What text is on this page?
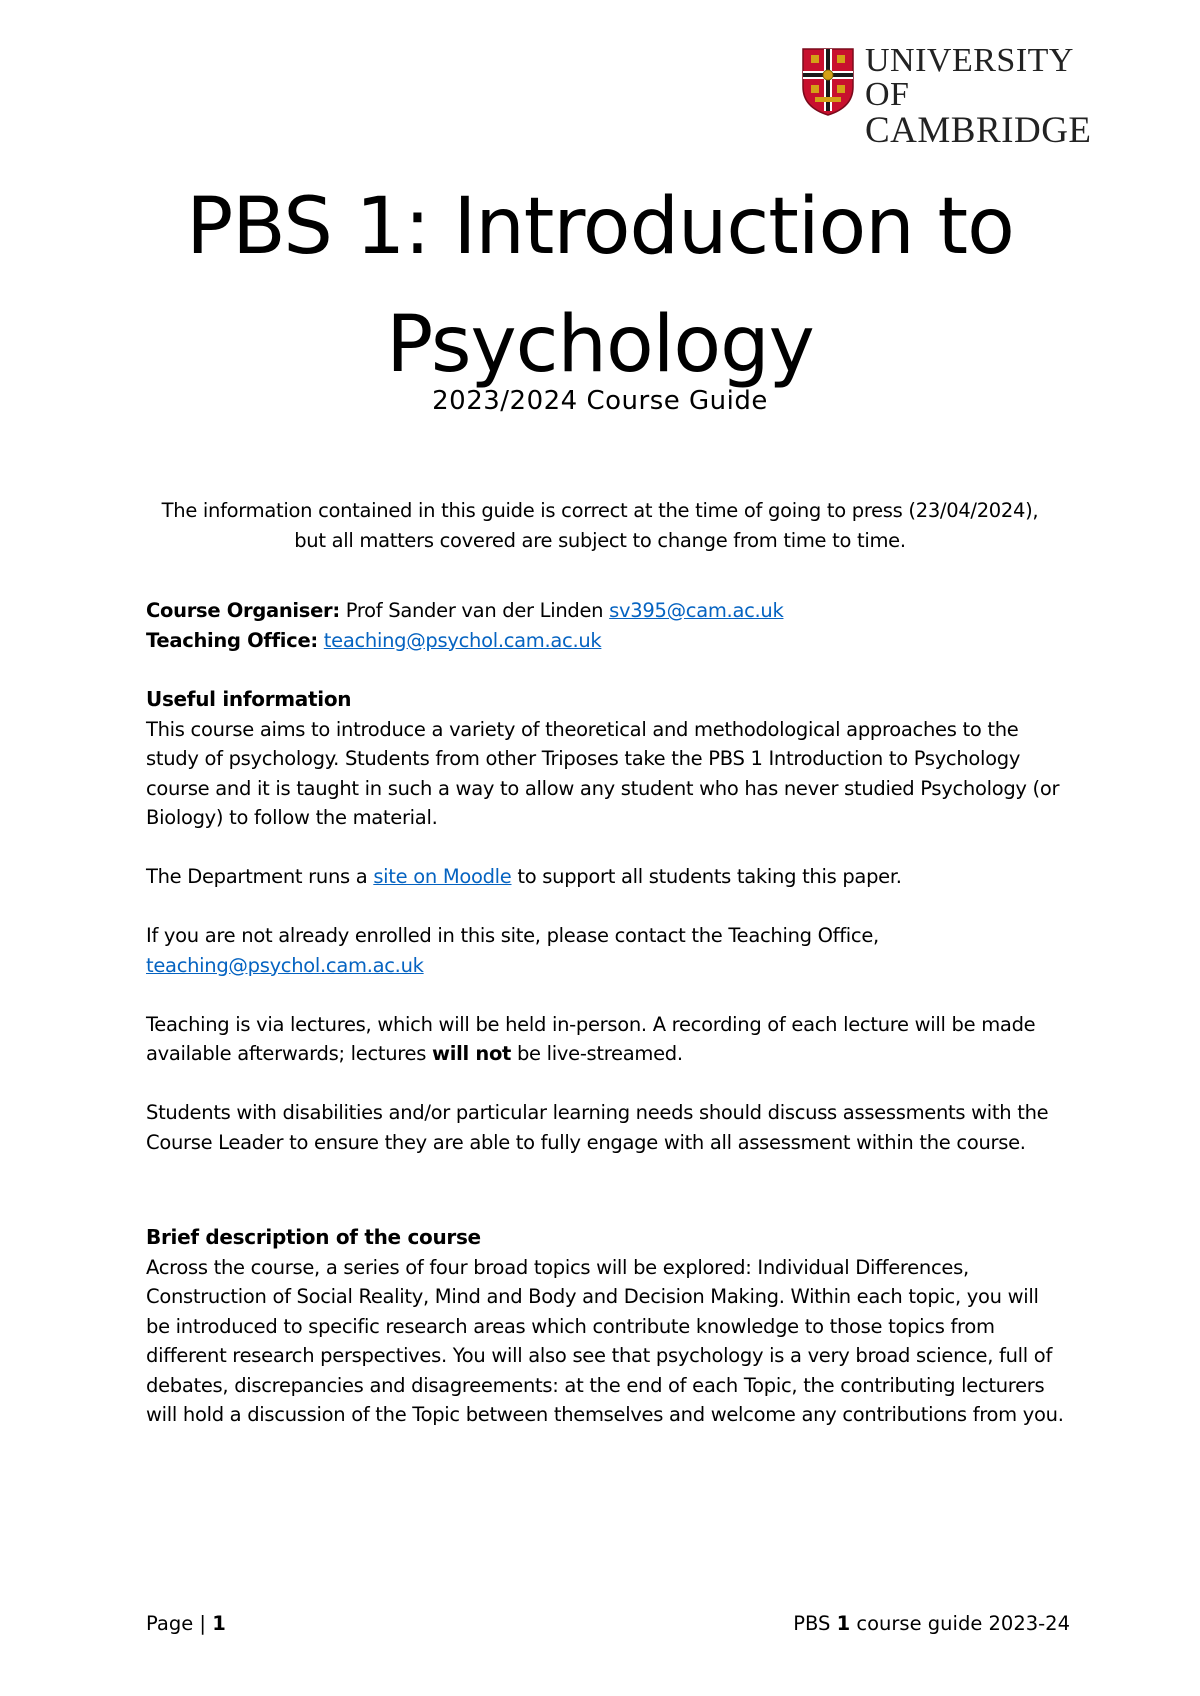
UNIVERSITY OF
CAMBRIDGE
PBS 1: Introduction to
Psychology
2023/2024 Course Guide

The information contained in this guide is correct at the time of going to press (23/04/2024),

but all matters covered are subject to change from time to time.

Course Organiser: Prof Sander van der Linden sv395@cam.ac.uk

Teaching Office: teaching@psychol.cam.ac.uk

Useful information

This course aims to introduce a variety of theoretical and methodological approaches to the study of psychology. Students from other Triposes take the PBS 1 Introduction to Psychology course and it is taught in such a way to allow any student who has never studied Psychology (or Biology) to follow the material.

The Department runs a site on Moodle to support all students taking this paper.

If you are not already enrolled in this site, please contact the Teaching Office,
teaching@psychol.cam.ac.uk

Teaching is via lectures, which will be held in-person. A recording of each lecture will be made available afterwards; lectures will not be live-streamed.

Students with disabilities and/or particular learning needs should discuss assessments with the Course Leader to ensure they are able to fully engage with all assessment within the course.

Brief description of the course

Across the course, a series of four broad topics will be explored: Individual Differences, Construction of Social Reality, Mind and Body and Decision Making. Within each topic, you will be introduced to specific research areas which contribute knowledge to those topics from different research perspectives. You will also see that psychology is a very broad science, full of debates, discrepancies and disagreements: at the end of each Topic, the contributing lecturers will hold a discussion of the Topic between themselves and welcome any contributions from you.

Page | 1	PBS 1 course guide 2023-24
